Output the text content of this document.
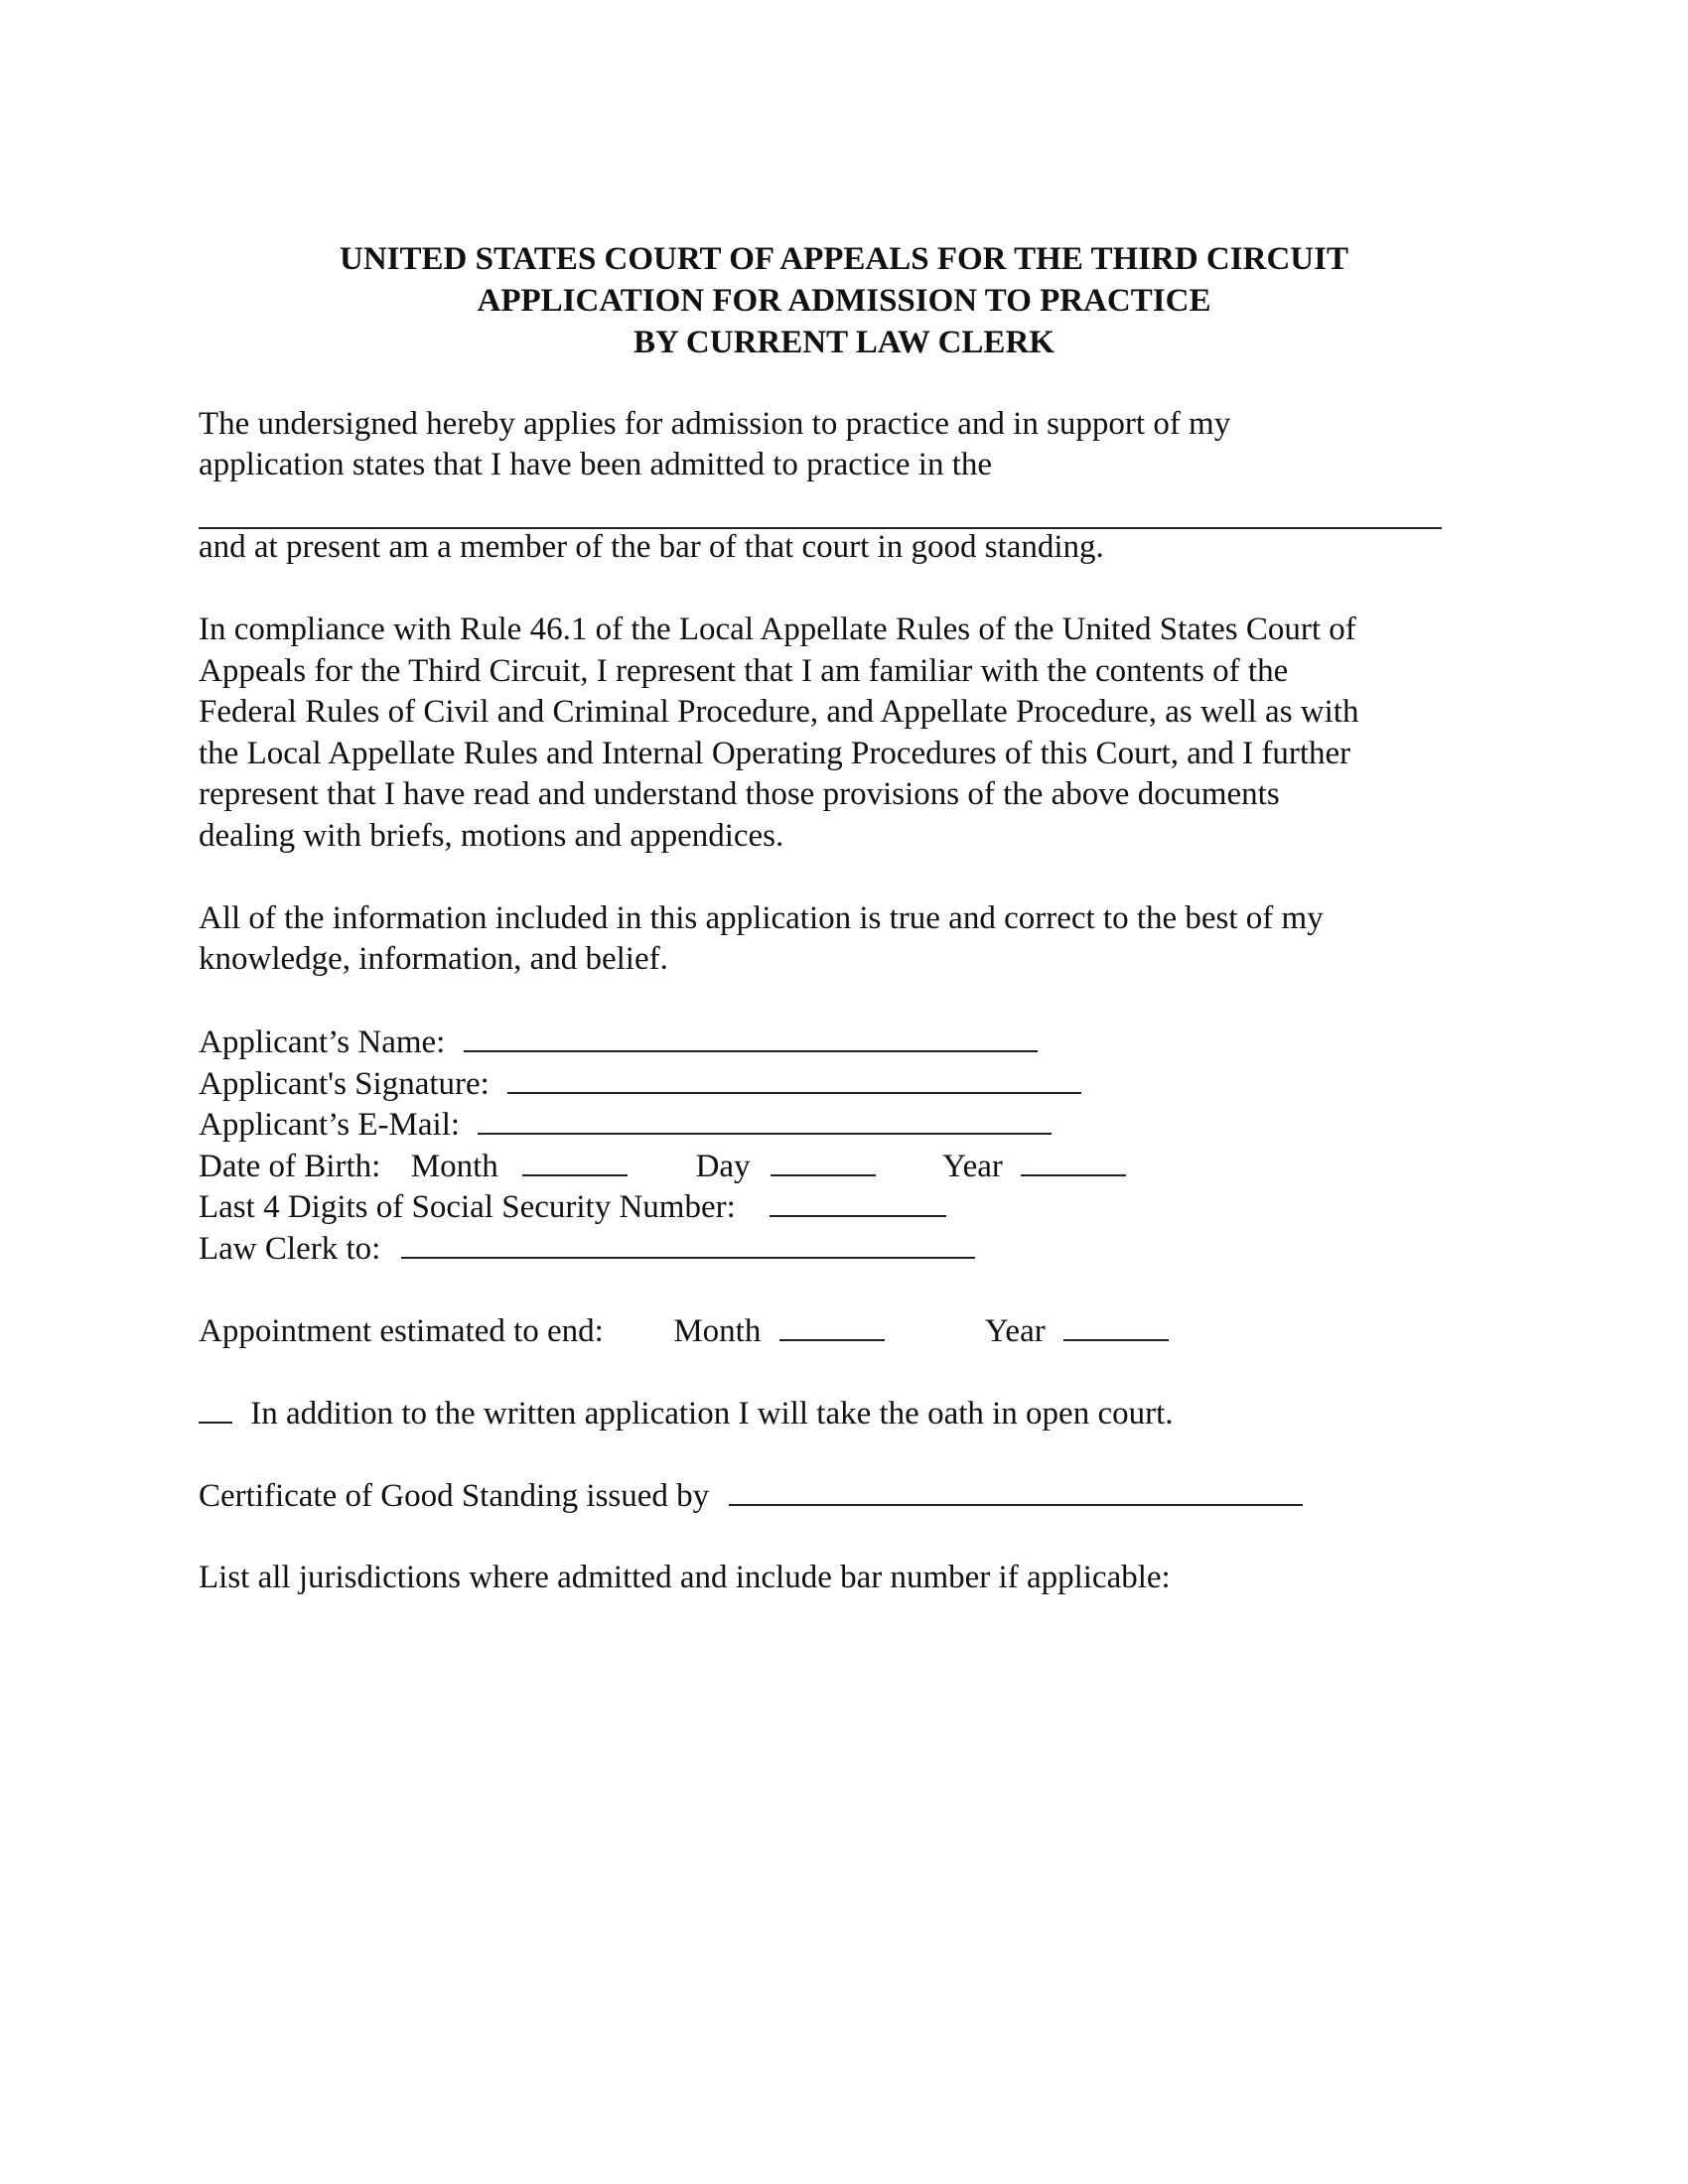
UNITED STATES COURT OF APPEALS FOR THE THIRD CIRCUIT
APPLICATION FOR ADMISSION TO PRACTICE
BY CURRENT LAW CLERK
The undersigned hereby applies for admission to practice and in support of my
application states that I have been admitted to practice in the
and at present am a member of the bar of that court in good standing.
In compliance with Rule 46.1 of the Local Appellate Rules of the United States Court of
Appeals for the Third Circuit, I represent that I am familiar with the contents of the
Federal Rules of Civil and Criminal Procedure, and Appellate Procedure, as well as with
the Local Appellate Rules and Internal Operating Procedures of this Court, and I further
represent that I have read and understand those provisions of the above documents
dealing with briefs, motions and appendices.
All of the information included in this application is true and correct to the best of my
knowledge, information, and belief.
Applicant’s Name:
Applicant's Signature:
Applicant’s E-Mail:
Date of Birth: Month	Day	Year
Last 4 Digits of Social Security Number:
Law Clerk to:
Appointment estimated to end: Month	Year
In addition to the written application I will take the oath in open court.
Certificate of Good Standing issued by
List all jurisdictions where admitted and include bar number if applicable:
